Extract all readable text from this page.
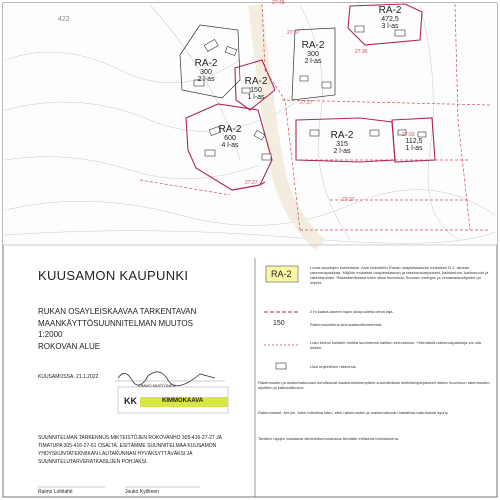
422
RA-2
300
2 l-as	RA-2
150
1 l-as
RA-2
300
2 l-as
RA-2
472,5
3 l-as
RA-2
600
4 l-as
RA-2
315
2 l-as
112,5
1 l-as
27:45
27:37
27:36
27:27
27:93
27:27
27:27
KUUSAMON KAUPUNKI
RUKAN OSAYLEISKAAVAA TARKENTAVAN
MAANKÄYTTÖSUUNNITELMAN MUUTOS
1:2000
ROKOVAN ALUE
KUUSAMOSSA, 21.1.2022
KIMMO MUSTONEN
KK	KIMMOKAAVA
SUUNNITELMAN TARKENNUS MIKTEISTÖJEN ROKOVANHO 305-416-27-27 JA
TIMATUPA 305-416-27-61 OSALTA. ESITÄMME SUUNNITELMAA KUUSAMON
YHDYSKUNTATEKNIIKAN LAUTAKUNNAN HYVÄKSYTTÄVÄKSI JA
SUUNNITELUTARVERATKAISUJEN POHJAKSI.
Raimo Lohilahti	Jouko Kyllönen
RA-2
Loma-asuntojen korttelialue. Alue tarkoitettu Rukan osayleiskaavan mukaisen R-2 -aluean rakennuspaikkaa. Miljöön mukaiset osayleiskaavan ja rakennustarjoukset, kalliokehon, kattomuoto ja rakentaminen. Rakentamisessa tulee ottaa huomioon Suomen energia- ja vesiasiantuntijoiden ja ohjeet.
2 m kaava-alueen rajan ulkopuolella oleva raja.
150	Rakennusoikeus kerrosalaneliömetreinä.
Luku kertoo kullakin tontilla suurimman sallitun kerrosluvun. Yhtenäisiä rakennuspaikkoja voi olla useita.
Uusi ohjeellinen rakennus
Rakennusten ja maisemakuvaan kohdistuvat laadutustoimenpiteet suunnitellaan kiinteistöpohjaisesti ottaen huomioon rakennusten sijoittelu ja kattokaltevuus.
Rakennukset, tiet ym. tulee toteuttaa siten, ettei rakennusten ja maisemakuvan haitallisia vaikutuksia synny.
Tonttien rajojen vastaavat kiinteistönmuodostus tehdään erillisenä toimituksena.
